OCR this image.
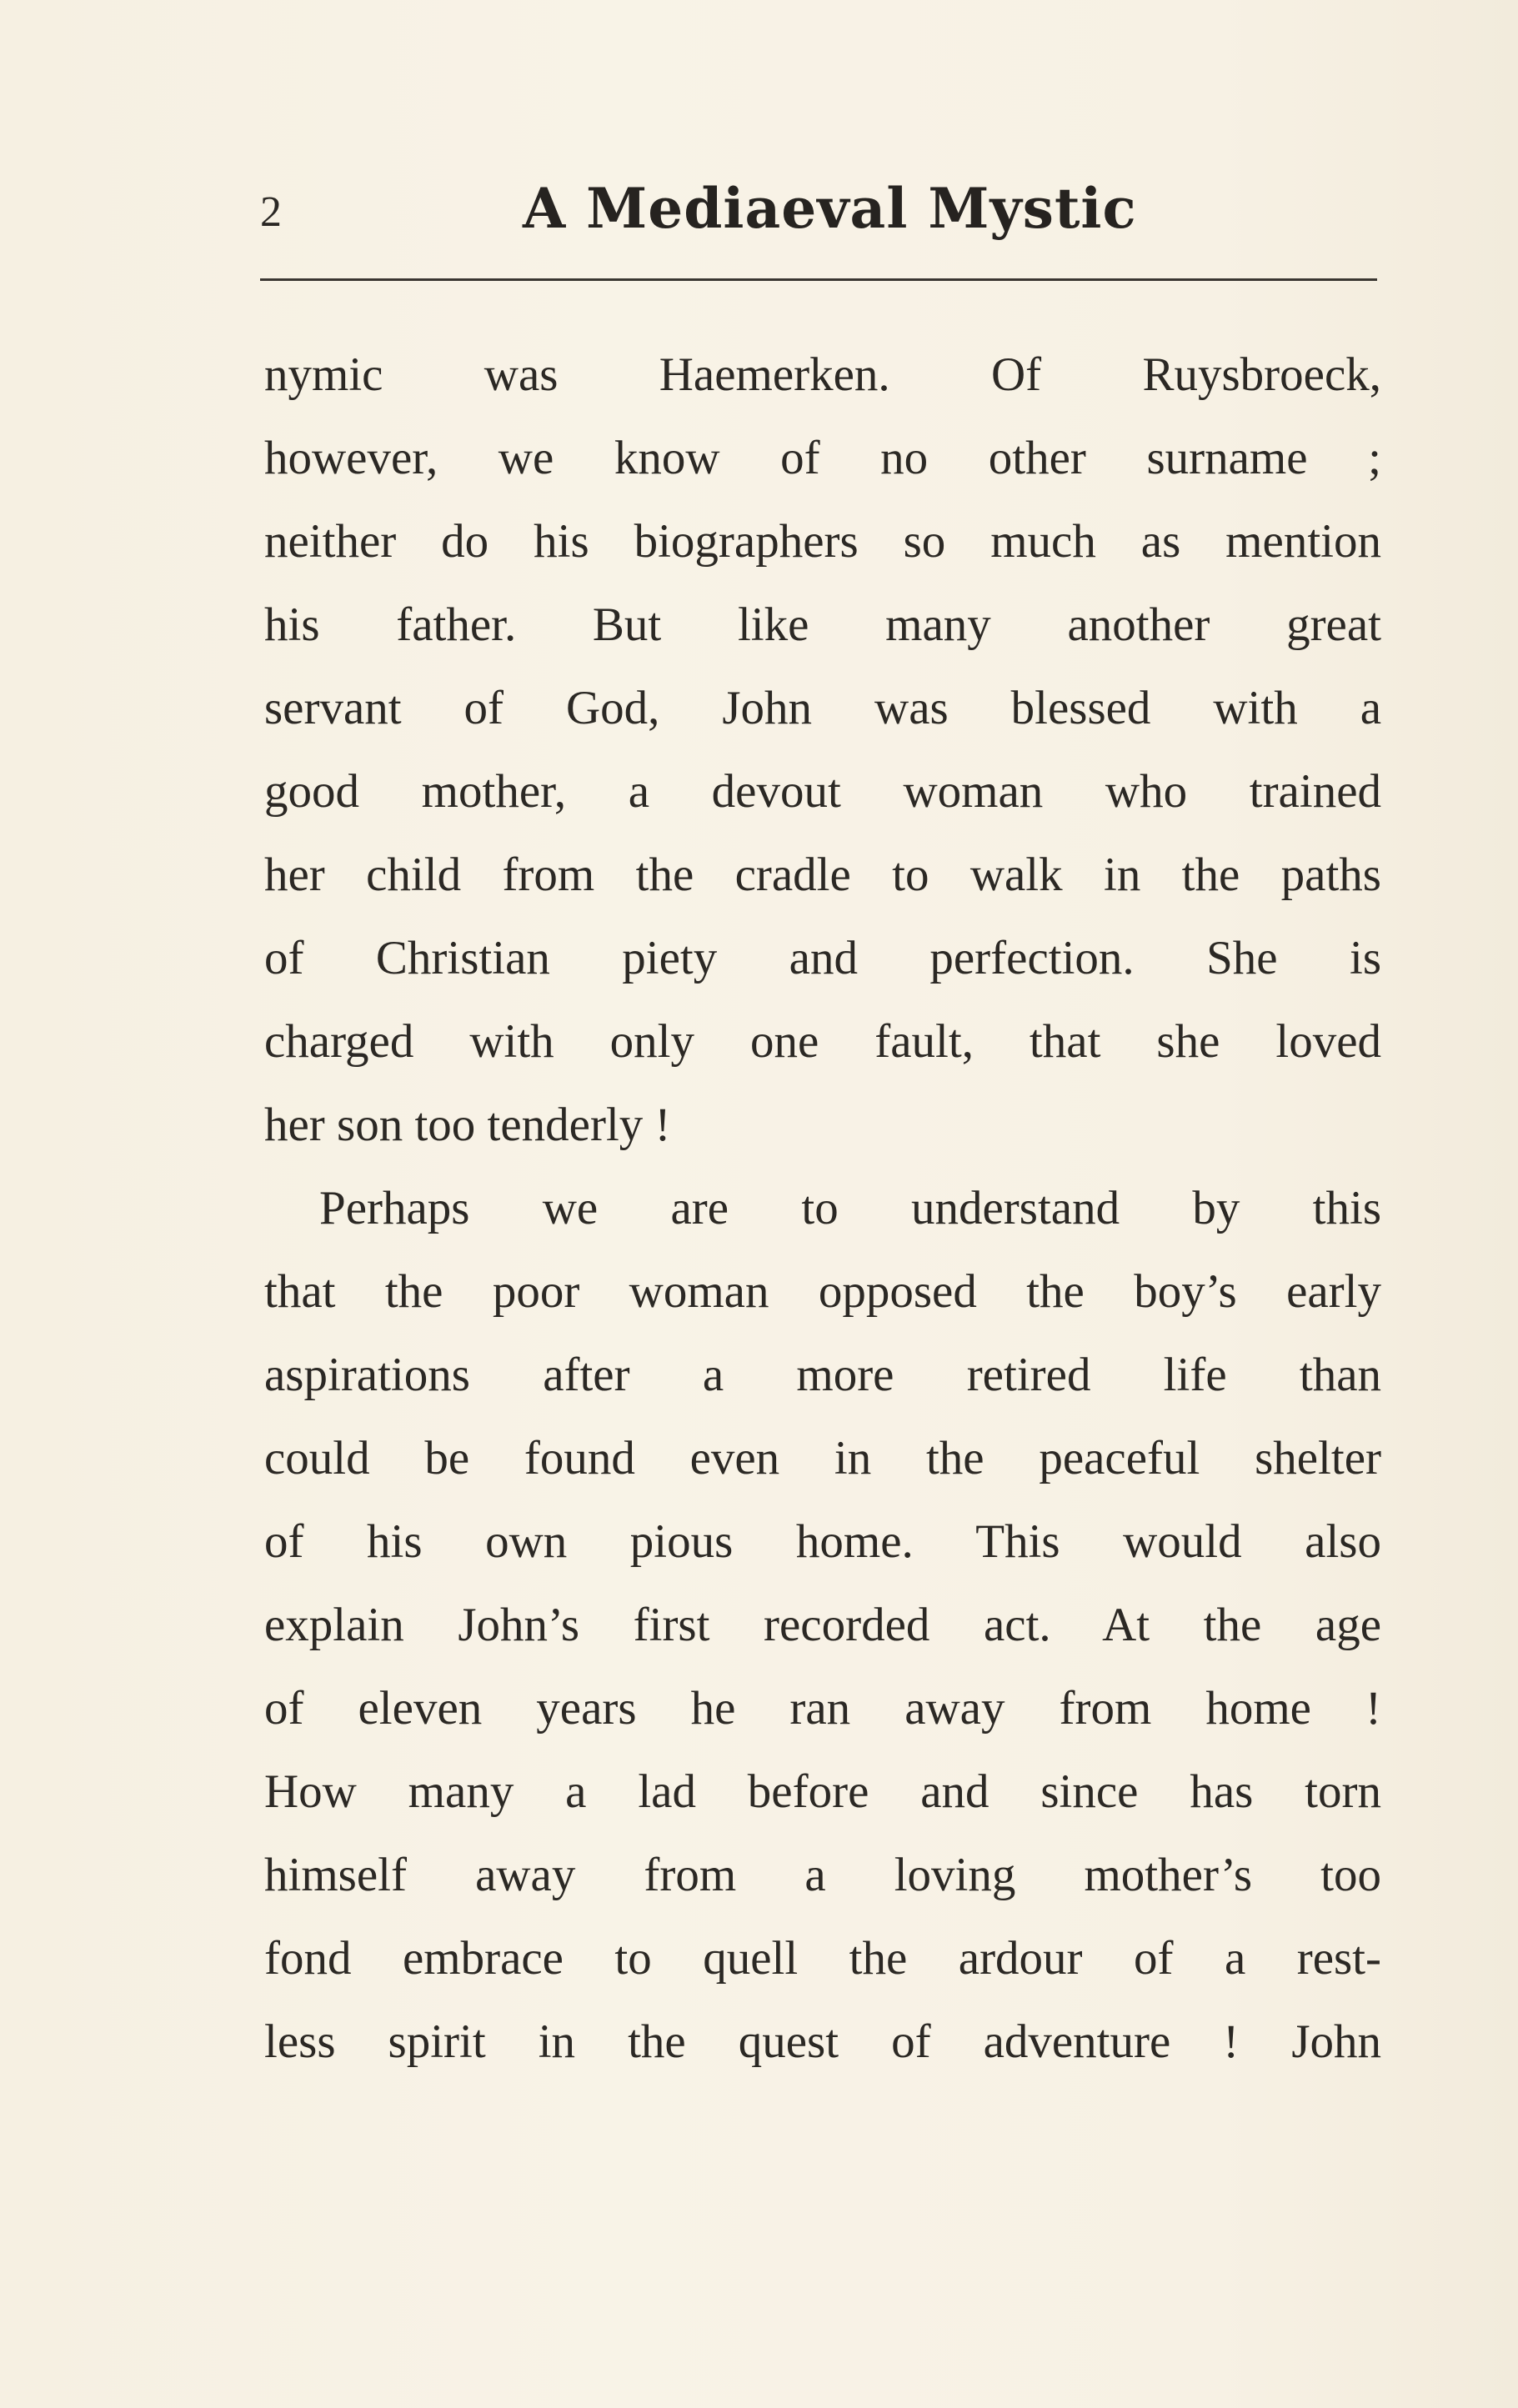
2	A Mediaeval Mystic
nymic was Haemerken. Of Ruysbroeck,
however, we know of no other surname ;
neither do his biographers so much as mention
his father. But like many another great
servant of God, John was blessed with a
good mother, a devout woman who trained
her child from the cradle to walk in the paths
of Christian piety and perfection. She is
charged with only one fault, that she loved
her son too tenderly !
Perhaps we are to understand by this
that the poor woman opposed the boy’s early
aspirations after a more retired life than
could be found even in the peaceful shelter
of his own pious home. This would also
explain John’s first recorded act. At the age
of eleven years he ran away from home !
How many a lad before and since has torn
himself away from a loving mother’s too
fond embrace to quell the ardour of a rest-
less spirit in the quest of adventure ! John
